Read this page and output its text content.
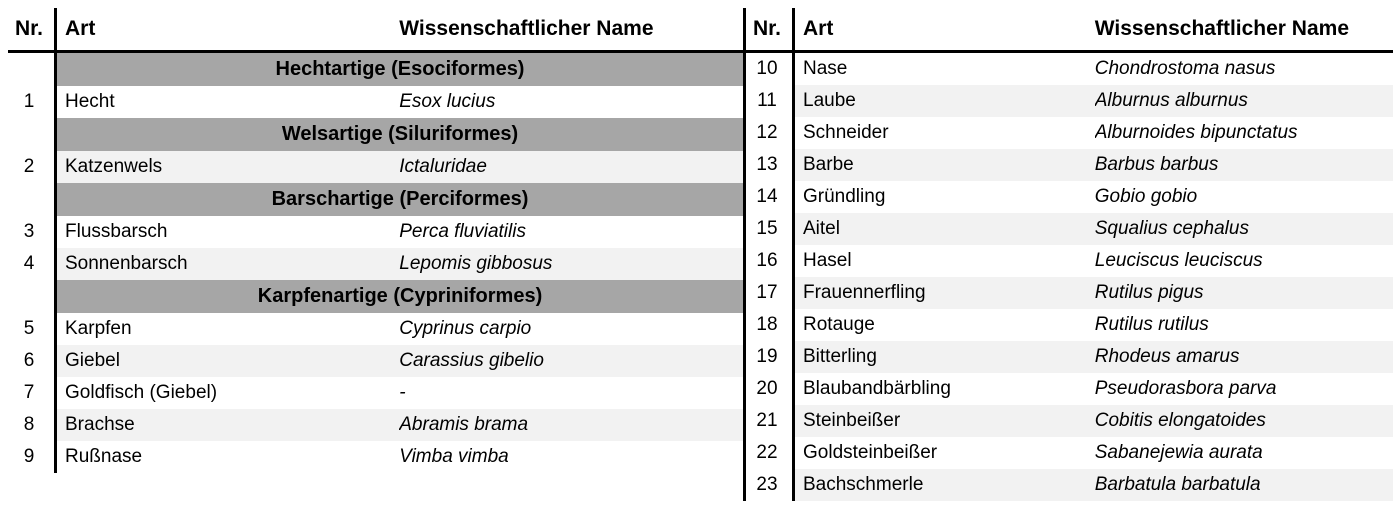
Nr.	Art	Wissenschaftlicher Name
	Hechtartige (Esociformes)	
1	Hecht	Esox lucius
	Welsartige (Siluriformes)	
2	Katzenwels	Ictaluridae
	Barschartige (Perciformes)	
3	Flussbarsch	Perca fluviatilis
4	Sonnenbarsch	Lepomis gibbosus
	Karpfenartige (Cypriniformes)	
5	Karpfen	Cyprinus carpio
6	Giebel	Carassius gibelio
7	Goldfisch (Giebel)	-
8	Brachse	Abramis brama
9	Rußnase	Vimba vimba
Nr.	Art	Wissenschaftlicher Name
10	Nase	Chondrostoma nasus
11	Laube	Alburnus alburnus
12	Schneider	Alburnoides bipunctatus
13	Barbe	Barbus barbus
14	Gründling	Gobio gobio
15	Aitel	Squalius cephalus
16	Hasel	Leuciscus leuciscus
17	Frauennerfling	Rutilus pigus
18	Rotauge	Rutilus rutilus
19	Bitterling	Rhodeus amarus
20	Blaubandbärbling	Pseudorasbora parva
21	Steinbeißer	Cobitis elongatoides
22	Goldsteinbeißer	Sabanejewia aurata
23	Bachschmerle	Barbatula barbatula
